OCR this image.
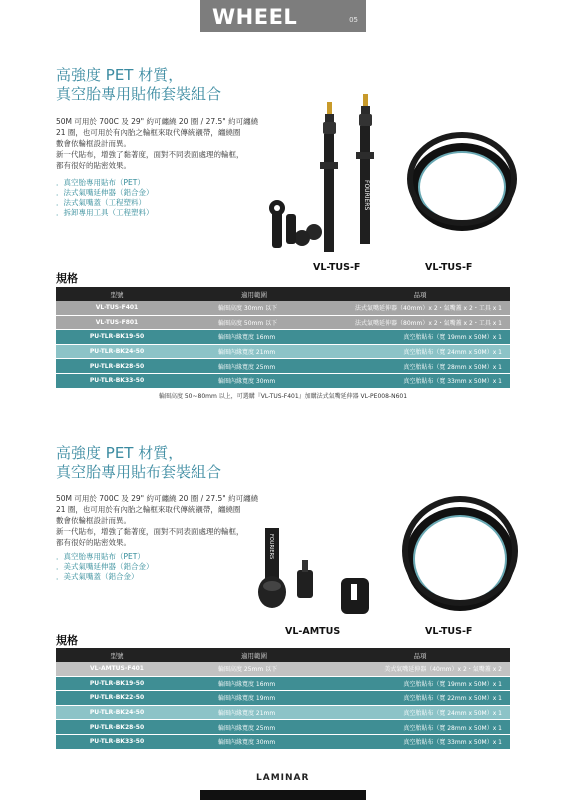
WHEEL	05
高強度 PET 材質，
真空胎專用貼佈套裝組合

50M 可用於 700C 及 29" 約可纏繞 20 圈 / 27.5" 約可纏繞

21 圈，也可用於有內胎之輪框來取代傳統襯帶，纏繞圈

數會依輪框設計而異。

新一代貼布，增強了黏著度，面對不同表面處理的輪框，

都有很好的貼密效果。

．真空胎專用貼布（PET）
．法式氣嘴延伸器（鋁合金）
．法式氣嘴蓋（工程塑料）
．拆卸專用工具（工程塑料）
FOURIERS
VL-TUS-F	VL-TUS-F
規格
型號	適用範圍	品項
VL-TUS-F401	輪圈高度 30mm 以下	法式氣嘴延伸器（40mm）x 2・氣嘴蓋 x 2・工具 x 1
VL-TUS-F801	輪圈高度 50mm 以下	法式氣嘴延伸器（80mm）x 2・氣嘴蓋 x 2・工具 x 1
PU-TLR-BK19-50	輪圈內緣寬度 16mm	真空胎貼布（寬 19mm x 50M）x 1
PU-TLR-BK24-50	輪圈內緣寬度 21mm	真空胎貼布（寬 24mm x 50M）x 1
PU-TLR-BK28-50	輪圈內緣寬度 25mm	真空胎貼布（寬 28mm x 50M）x 1
PU-TLR-BK33-50	輪圈內緣寬度 30mm	真空胎貼布（寬 33mm x 50M）x 1
輪圈高度 50~80mm 以上，可選購『VL-TUS-F401』加購法式氣嘴延伸器 VL-PE008-N601
高強度 PET 材質，
真空胎專用貼布套裝組合

50M 可用於 700C 及 29" 約可纏繞 20 圈 / 27.5" 約可纏繞

21 圈，也可用於有內胎之輪框來取代傳統襯帶，纏繞圈

數會依輪框設計而異。

新一代貼布，增強了黏著度，面對不同表面處理的輪框，

都有很好的貼密效果。

．真空胎專用貼布（PET）
．美式氣嘴延伸器（鋁合金）
．美式氣嘴蓋（鋁合金）
FOURIERS
VL-AMTUS	VL-TUS-F
規格
型號	適用範圍	品項
VL-AMTUS-F401	輪圈高度 25mm 以下	美式氣嘴延伸器（40mm）x 2・氣嘴蓋 x 2
PU-TLR-BK19-50	輪圈內緣寬度 16mm	真空胎貼布（寬 19mm x 50M）x 1
PU-TLR-BK22-50	輪圈內緣寬度 19mm	真空胎貼布（寬 22mm x 50M）x 1
PU-TLR-BK24-50	輪圈內緣寬度 21mm	真空胎貼布（寬 24mm x 50M）x 1
PU-TLR-BK28-50	輪圈內緣寬度 25mm	真空胎貼布（寬 28mm x 50M）x 1
PU-TLR-BK33-50	輪圈內緣寬度 30mm	真空胎貼布（寬 33mm x 50M）x 1
LAMINAR
